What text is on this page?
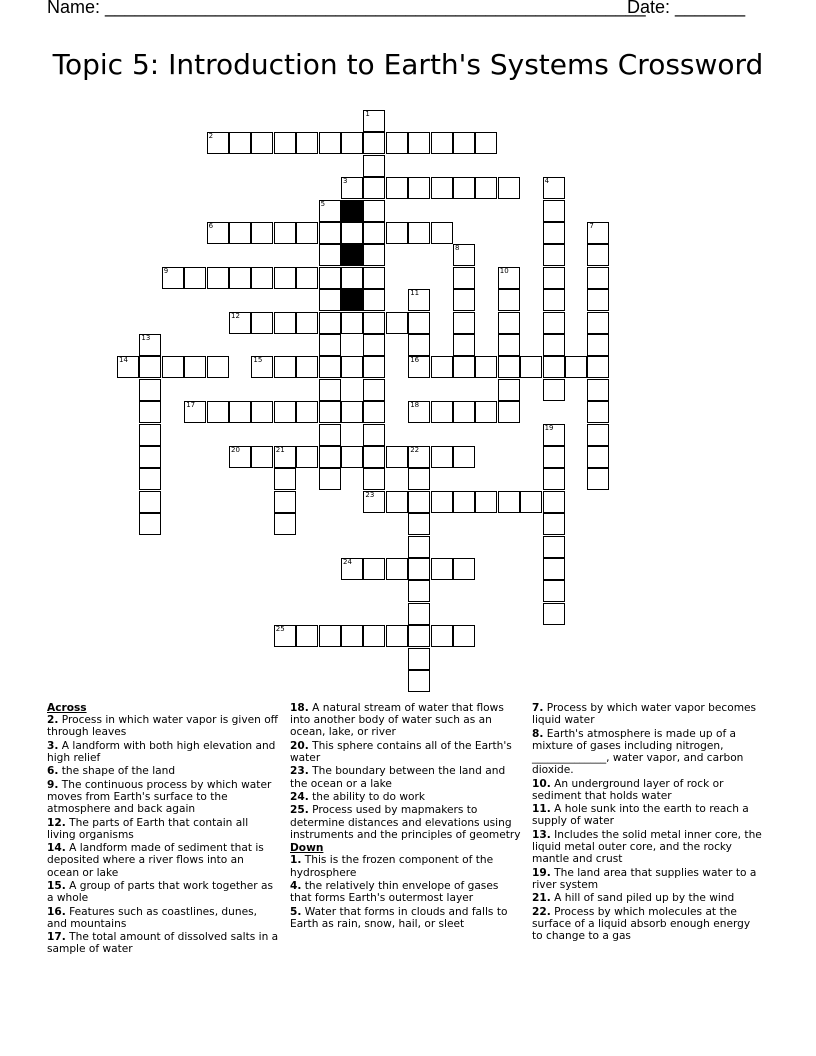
Name: ______________________________________________________
Date: _______
Topic 5: Introduction to Earth's Systems Crossword
1
2
3	4
5
6	7
8
9	10
11
16
12
13
14	15
17	18
19
20	21	22
23
24
25
Across
2. Process in which water vapor is given off through leaves
3. A landform with both high elevation and high relief
6. the shape of the land
9. The continuous process by which water moves from Earth's surface to the atmosphere and back again
12. The parts of Earth that contain all living organisms
14. A landform made of sediment that is deposited where a river flows into an ocean or lake
15. A group of parts that work together as a whole
16. Features such as coastlines, dunes, and mountains
17. The total amount of dissolved salts in a sample of water
18. A natural stream of water that flows into another body of water such as an ocean, lake, or river
20. This sphere contains all of the Earth's water
23. The boundary between the land and the ocean or a lake
24. the ability to do work
25. Process used by mapmakers to determine distances and elevations using instruments and the principles of geometry
Down
1. This is the frozen component of the hydrosphere
4. the relatively thin envelope of gases that forms Earth's outermost layer
5. Water that forms in clouds and falls to Earth as rain, snow, hail, or sleet
7. Process by which water vapor becomes liquid water
8. Earth's atmosphere is made up of a mixture of gases including nitrogen, ______________, water vapor, and carbon dioxide.
10. An underground layer of rock or sediment that holds water
11. A hole sunk into the earth to reach a supply of water
13. Includes the solid metal inner core, the liquid metal outer core, and the rocky mantle and crust
19. The land area that supplies water to a river system
21. A hill of sand piled up by the wind
22. Process by which molecules at the surface of a liquid absorb enough energy to change to a gas
